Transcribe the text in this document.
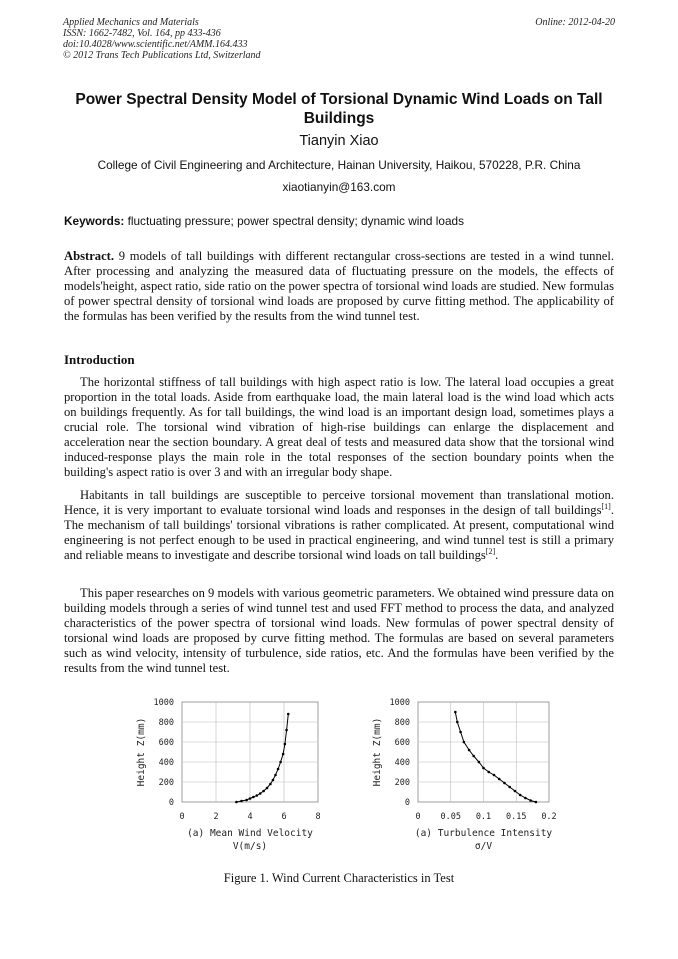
Applied Mechanics and Materials
ISSN: 1662-7482, Vol. 164, pp 433-436
doi:10.4028/www.scientific.net/AMM.164.433
© 2012 Trans Tech Publications Ltd, Switzerland
Online: 2012-04-20
Power Spectral Density Model of Torsional Dynamic Wind Loads on Tall Buildings
Tianyin Xiao
College of Civil Engineering and Architecture, Hainan University, Haikou, 570228, P.R. China
xiaotianyin@163.com
Keywords: fluctuating pressure; power spectral density; dynamic wind loads

Abstract. 9 models of tall buildings with different rectangular cross-sections are tested in a wind tunnel. After processing and analyzing the measured data of fluctuating pressure on the models, the effects of models'height, aspect ratio, side ratio on the power spectra of torsional wind loads are studied. New formulas of power spectral density of torsional wind loads are proposed by curve fitting method. The applicability of the formulas has been verified by the results from the wind tunnel test.

Introduction

The horizontal stiffness of tall buildings with high aspect ratio is low. The lateral load occupies a great proportion in the total loads. Aside from earthquake load, the main lateral load is the wind load which acts on buildings frequently. As for tall buildings, the wind load is an important design load, sometimes plays a crucial role. The torsional wind vibration of high-rise buildings can enlarge the displacement and acceleration near the section boundary. A great deal of tests and measured data show that the torsional wind induced-response plays the main role in the total responses of the section boundary points when the building's aspect ratio is over 3 and with an irregular body shape.

Habitants in tall buildings are susceptible to perceive torsional movement than translational motion. Hence, it is very important to evaluate torsional wind loads and responses in the design of tall buildings[1]. The mechanism of tall buildings' torsional vibrations is rather complicated. At present, computational wind engineering is not perfect enough to be used in practical engineering, and wind tunnel test is still a primary and reliable means to investigate and describe torsional wind loads on tall buildings[2].

This paper researches on 9 models with various geometric parameters. We obtained wind pressure data on building models through a series of wind tunnel test and used FFT method to process the data, and analyzed characteristics of the power spectra of torsional wind loads. New formulas of power spectral density of torsional wind loads are proposed by curve fitting method. The formulas are based on several parameters such as wind velocity, intensity of turbulence, side ratios, etc. And the formulas have been verified by the results from the wind tunnel test.

0	2	4	6	8
0
200
400
600
800
1000
Height Z(mm)
(a) Mean Wind Velocity
V(m/s)
0 0.05 0.1 0.15 0.2
0
200
400
600
800
1000
Height Z(mm)
(a) Turbulence Intensity
σ/V
Figure 1. Wind Current Characteristics in Test
